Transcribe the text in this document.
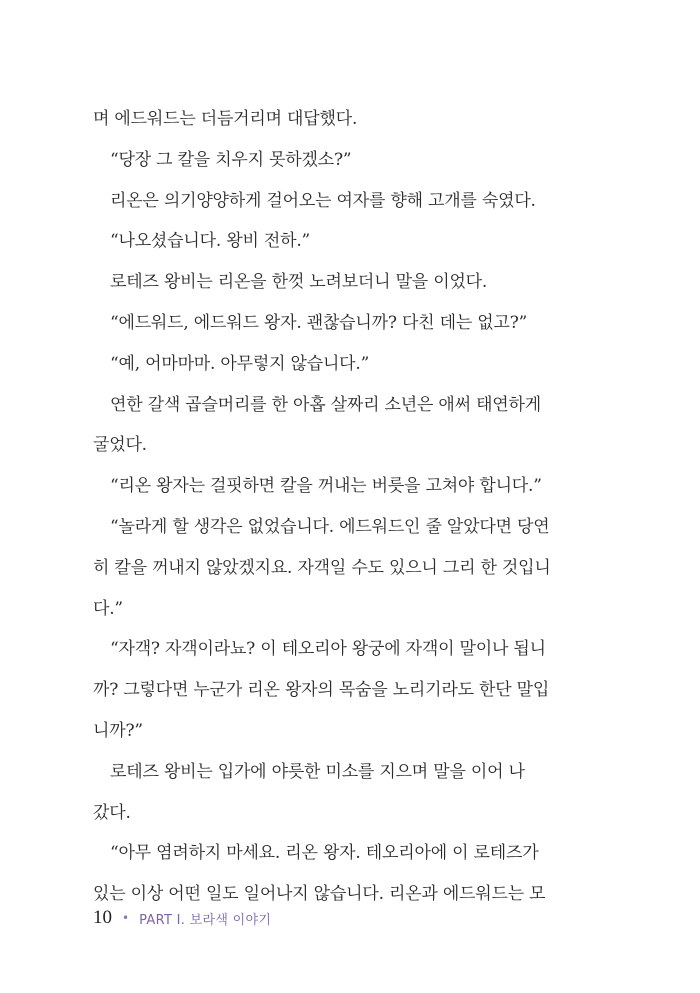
며 에드워드는 더듬거리며 대답했다.
“당장 그 칼을 치우지 못하겠소?”
리온은 의기양양하게 걸어오는 여자를 향해 고개를 숙였다.
“나오셨습니다. 왕비 전하.”
로테즈 왕비는 리온을 한껏 노려보더니 말을 이었다.
“에드워드, 에드워드 왕자. 괜찮습니까? 다친 데는 없고?”
“예, 어마마마. 아무렇지 않습니다.”
연한 갈색 곱슬머리를 한 아홉 살짜리 소년은 애써 태연하게
굴었다.
“리온 왕자는 걸핏하면 칼을 꺼내는 버릇을 고쳐야 합니다.”
“놀라게 할 생각은 없었습니다. 에드워드인 줄 알았다면 당연
히 칼을 꺼내지 않았겠지요. 자객일 수도 있으니 그리 한 것입니
다.”
“자객? 자객이라뇨? 이 테오리아 왕궁에 자객이 말이나 됩니
까? 그렇다면 누군가 리온 왕자의 목숨을 노리기라도 한단 말입
니까?”
로테즈 왕비는 입가에 야릇한 미소를 지으며 말을 이어 나
갔다.
“아무 염려하지 마세요. 리온 왕자. 테오리아에 이 로테즈가
있는 이상 어떤 일도 일어나지 않습니다. 리온과 에드워드는 모
10 • PART I. 보라색 이야기
